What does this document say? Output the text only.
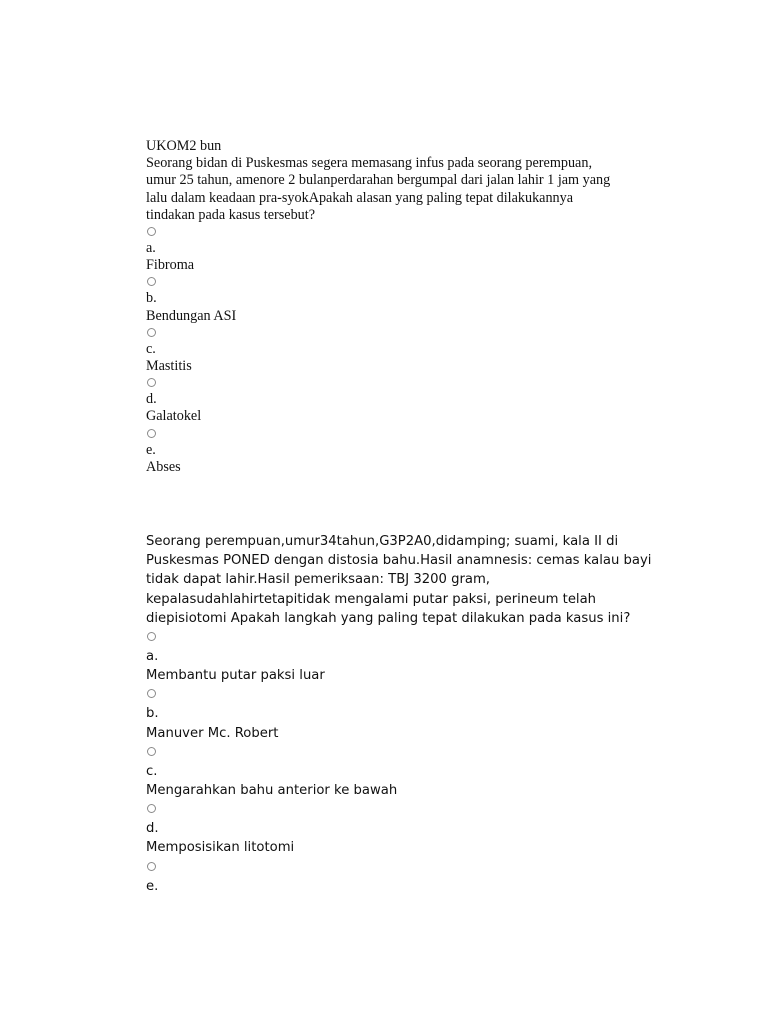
UKOM2 bun
Seorang bidan di Puskesmas segera memasang infus pada seorang perempuan,
umur 25 tahun, amenore 2 bulanperdarahan bergumpal dari jalan lahir 1 jam yang
lalu dalam keadaan pra-syokApakah alasan yang paling tepat dilakukannya
tindakan pada kasus tersebut?
a.
Fibroma
b.
Bendungan ASI
c.
Mastitis
d.
Galatokel
e.
Abses
Seorang perempuan,umur34tahun,G3P2A0,didamping; suami, kala II di
Puskesmas PONED dengan distosia bahu.Hasil anamnesis: cemas kalau bayi
tidak dapat lahir.Hasil pemeriksaan: TBJ 3200 gram,
kepalasudahlahirtetapitidak mengalami putar paksi, perineum telah
diepisiotomi Apakah langkah yang paling tepat dilakukan pada kasus ini?
a.
Membantu putar paksi luar
b.
Manuver Mc. Robert
c.
Mengarahkan bahu anterior ke bawah
d.
Memposisikan litotomi
e.
